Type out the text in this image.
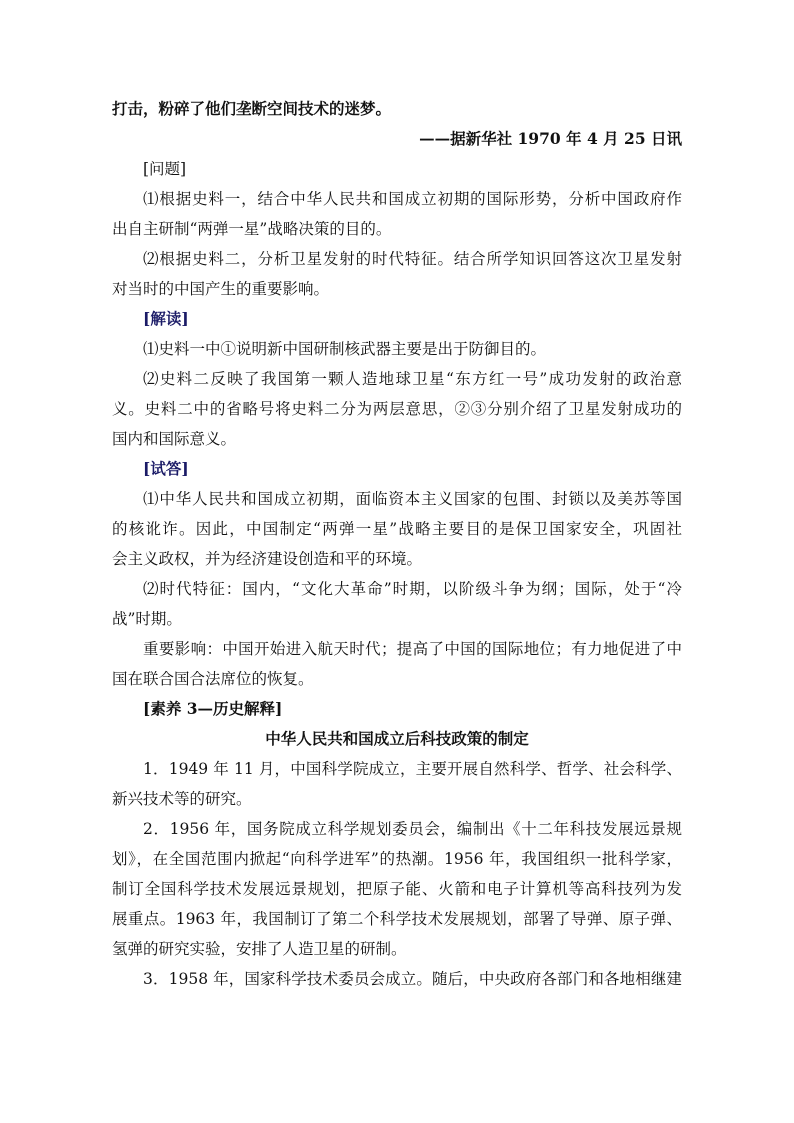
打击，粉碎了他们垄断空间技术的迷梦。
——据新华社 1970 年 4 月 25 日讯
[问题]
⑴根据史料一，结合中华人民共和国成立初期的国际形势，分析中国政府作
出自主研制“两弹一星”战略决策的目的。
⑵根据史料二，分析卫星发射的时代特征。结合所学知识回答这次卫星发射
对当时的中国产生的重要影响。
[解读]
⑴史料一中①说明新中国研制核武器主要是出于防御目的。
⑵史料二反映了我国第一颗人造地球卫星“东方红一号”成功发射的政治意
义。史料二中的省略号将史料二分为两层意思，②③分别介绍了卫星发射成功的
国内和国际意义。
[试答]
⑴中华人民共和国成立初期，面临资本主义国家的包围、封锁以及美苏等国
的核讹诈。因此，中国制定“两弹一星”战略主要目的是保卫国家安全，巩固社
会主义政权，并为经济建设创造和平的环境。
⑵时代特征：国内，“文化大革命”时期，以阶级斗争为纲；国际，处于“冷
战”时期。
重要影响：中国开始进入航天时代；提高了中国的国际地位；有力地促进了中
国在联合国合法席位的恢复。
[素养 3—历史解释]
中华人民共和国成立后科技政策的制定
1．1949 年 11 月，中国科学院成立，主要开展自然科学、哲学、社会科学、
新兴技术等的研究。
2．1956 年，国务院成立科学规划委员会，编制出《十二年科技发展远景规
划》，在全国范围内掀起“向科学进军”的热潮。1956 年，我国组织一批科学家，
制订全国科学技术发展远景规划，把原子能、火箭和电子计算机等高科技列为发
展重点。1963 年，我国制订了第二个科学技术发展规划，部署了导弹、原子弹、
氢弹的研究实验，安排了人造卫星的研制。
3．1958 年，国家科学技术委员会成立。随后，中央政府各部门和各地相继建
